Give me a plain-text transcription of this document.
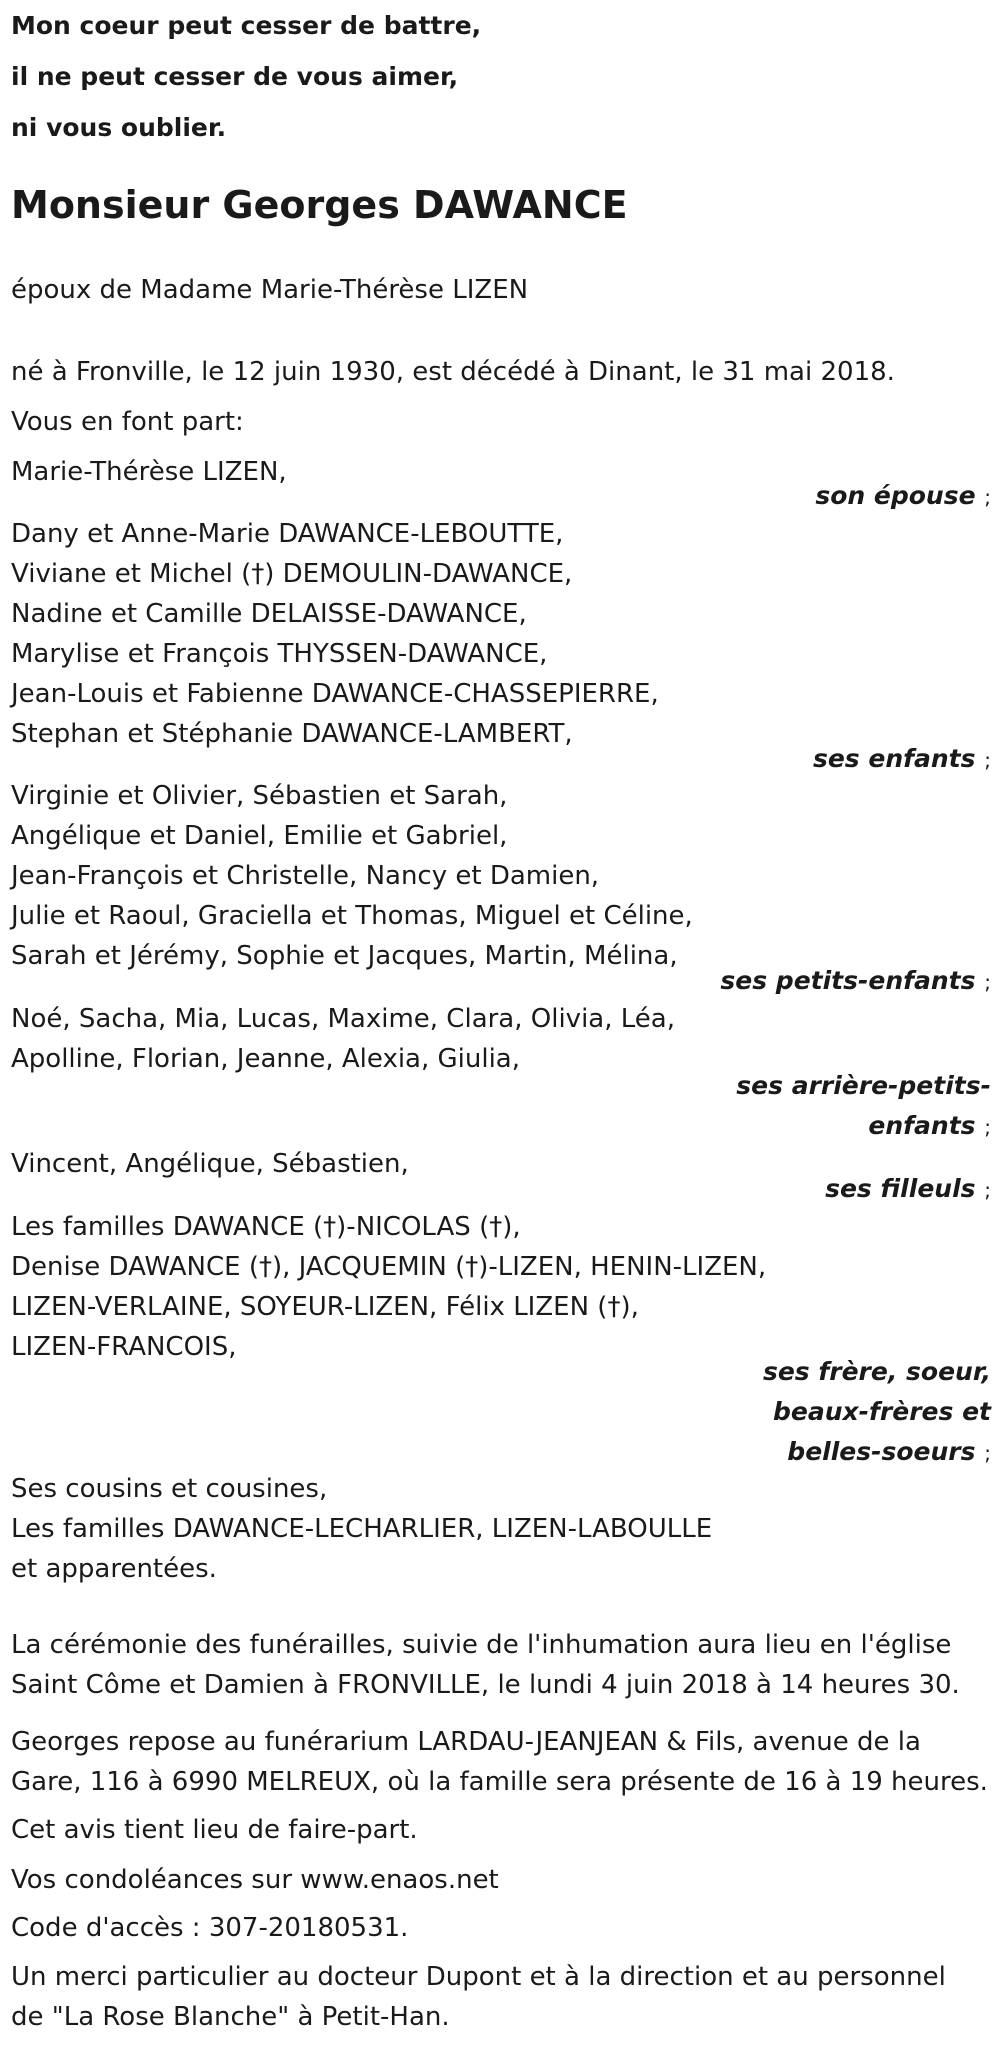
Mon coeur peut cesser de battre,
il ne peut cesser de vous aimer,
ni vous oublier.
Monsieur Georges DAWANCE
époux de Madame Marie-Thérèse LIZEN
né à Fronville, le 12 juin 1930, est décédé à Dinant, le 31 mai 2018.
Vous en font part:
Marie-Thérèse LIZEN,
son épouse ;
Dany et Anne-Marie DAWANCE-LEBOUTTE,
Viviane et Michel (†) DEMOULIN-DAWANCE,
Nadine et Camille DELAISSE-DAWANCE,
Marylise et François THYSSEN-DAWANCE,
Jean-Louis et Fabienne DAWANCE-CHASSEPIERRE,
Stephan et Stéphanie DAWANCE-LAMBERT,
ses enfants ;
Virginie et Olivier, Sébastien et Sarah,
Angélique et Daniel, Emilie et Gabriel,
Jean-François et Christelle, Nancy et Damien,
Julie et Raoul, Graciella et Thomas, Miguel et Céline,
Sarah et Jérémy, Sophie et Jacques, Martin, Mélina,
ses petits-enfants ;
Noé, Sacha, Mia, Lucas, Maxime, Clara, Olivia, Léa,
Apolline, Florian, Jeanne, Alexia, Giulia,
ses arrière-petits-
enfants ;
Vincent, Angélique, Sébastien,
ses filleuls ;
Les familles DAWANCE (†)-NICOLAS (†),
Denise DAWANCE (†), JACQUEMIN (†)-LIZEN, HENIN-LIZEN,
LIZEN-VERLAINE, SOYEUR-LIZEN, Félix LIZEN (†),
LIZEN-FRANCOIS,
ses frère, soeur,
beaux-frères et
belles-soeurs ;
Ses cousins et cousines,
Les familles DAWANCE-LECHARLIER, LIZEN-LABOULLE
et apparentées.
La cérémonie des funérailles, suivie de l'inhumation aura lieu en l'église
Saint Côme et Damien à FRONVILLE, le lundi 4 juin 2018 à 14 heures 30.
Georges repose au funérarium LARDAU-JEANJEAN & Fils, avenue de la
Gare, 116 à 6990 MELREUX, où la famille sera présente de 16 à 19 heures.
Cet avis tient lieu de faire-part.
Vos condoléances sur www.enaos.net
Code d'accès : 307-20180531.
Un merci particulier au docteur Dupont et à la direction et au personnel
de "La Rose Blanche" à Petit-Han.
